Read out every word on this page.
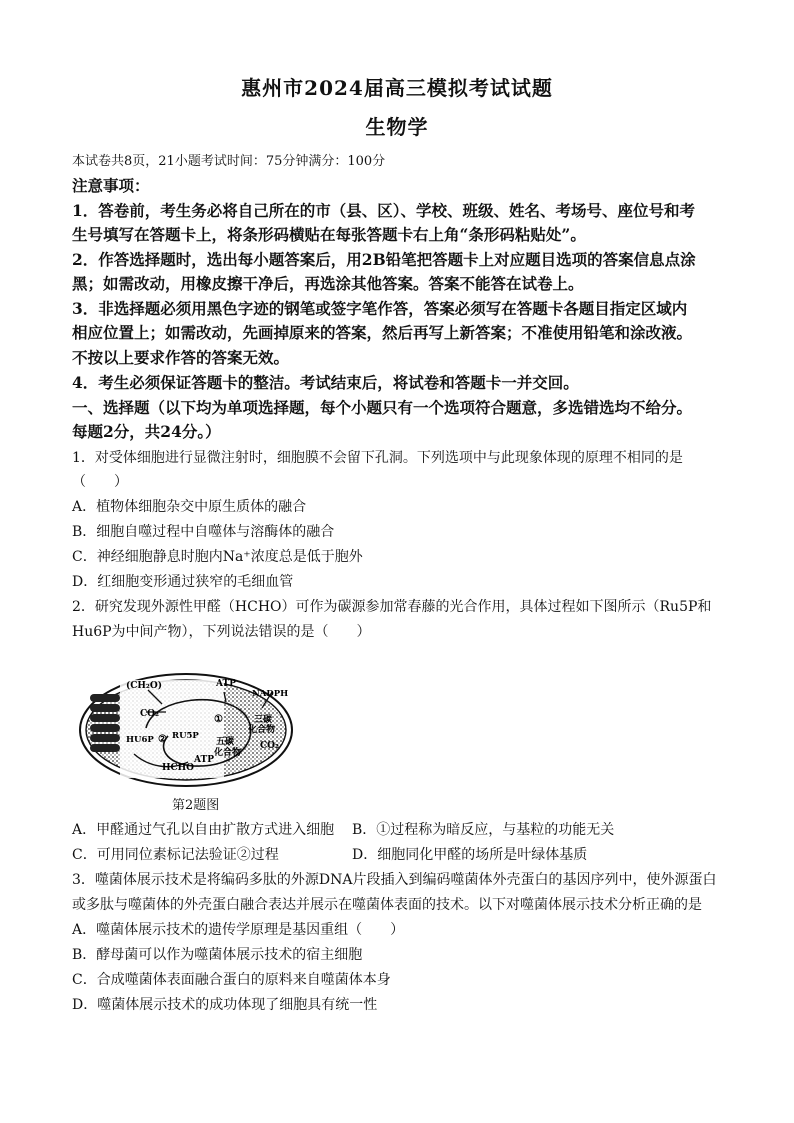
惠州市2024届高三模拟考试试题
生物学
本试卷共8页，21小题考试时间：75分钟满分：100分
注意事项：
1．答卷前，考生务必将自己所在的市（县、区）、学校、班级、姓名、考场号、座位号和考
生号填写在答题卡上，将条形码横贴在每张答题卡右上角“条形码粘贴处”。
2．作答选择题时，选出每小题答案后，用2B铅笔把答题卡上对应题目选项的答案信息点涂
黑；如需改动，用橡皮擦干净后，再选涂其他答案。答案不能答在试卷上。
3．非选择题必须用黑色字迹的钢笔或签字笔作答，答案必须写在答题卡各题目指定区域内
相应位置上；如需改动，先画掉原来的答案，然后再写上新答案；不准使用铅笔和涂改液。
不按以上要求作答的答案无效。
4．考生必须保证答题卡的整洁。考试结束后，将试卷和答题卡一并交回。
一、选择题（以下均为单项选择题，每个小题只有一个选项符合题意，多选错选均不给分。
每题2分，共24分。）
1．对受体细胞进行显微注射时，细胞膜不会留下孔洞。下列选项中与此现象体现的原理不相同的是
（　　）
A．植物体细胞杂交中原生质体的融合
B．细胞自噬过程中自噬体与溶酶体的融合
C．神经细胞静息时胞内Na⁺浓度总是低于胞外
D．红细胞变形通过狭窄的毛细血管
2．研究发现外源性甲醛（HCHO）可作为碳源参加常春藤的光合作用，具体过程如下图所示（Ru5P和
Hu6P为中间产物），下列说法错误的是（　　）
(CH₂O)
CO₂
ATP
NADPH
①	三碳
化合物
HU6P ② RU5P
五碳
化合物
CO₂
HCHO
ATP
第2题图
A．甲醛通过气孔以自由扩散方式进入细胞 B．①过程称为暗反应，与基粒的功能无关
C．可用同位素标记法验证②过程	D．细胞同化甲醛的场所是叶绿体基质
3．噬菌体展示技术是将编码多肽的外源DNA片段插入到编码噬菌体外壳蛋白的基因序列中，使外源蛋白
或多肽与噬菌体的外壳蛋白融合表达并展示在噬菌体表面的技术。以下对噬菌体展示技术分析正确的是
A．噬菌体展示技术的遗传学原理是基因重组（　　）
B．酵母菌可以作为噬菌体展示技术的宿主细胞
C．合成噬菌体表面融合蛋白的原料来自噬菌体本身
D．噬菌体展示技术的成功体现了细胞具有统一性
